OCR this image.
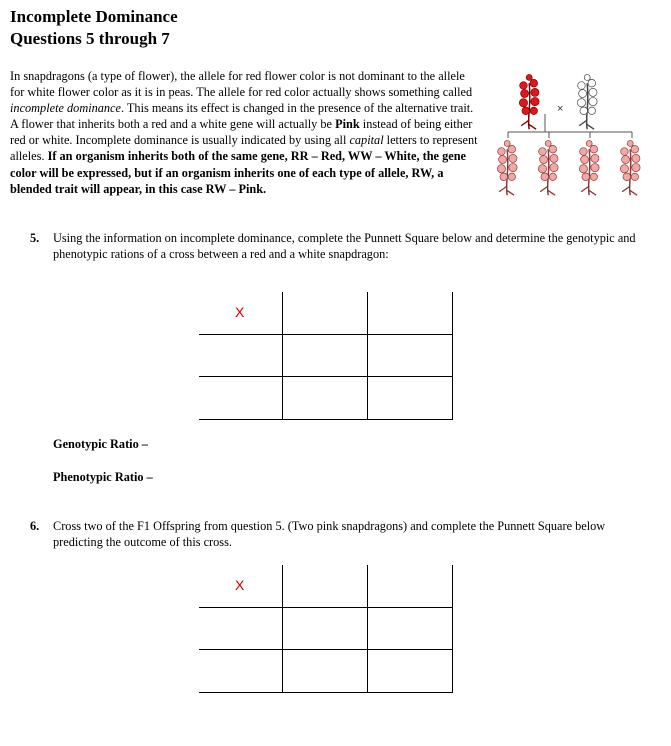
Incomplete Dominance
Questions 5 through 7
In snapdragons (a type of flower), the allele for red flower color is not dominant to the allele for white flower color as it is in peas. The allele for red color actually shows something called incomplete dominance. This means its effect is changed in the presence of the alternative trait. A flower that inherits both a red and a white gene will actually be Pink instead of being either red or white. Incomplete dominance is usually indicated by using all capital letters to represent alleles. If an organism inherits both of the same gene, RR – Red, WW – White, the gene color will be expressed, but if an organism inherits one of each type of allele, RW, a blended trait will appear, in this case RW – Pink.
×
5.	Using the information on incomplete dominance, complete the Punnett Square below and determine the genotypic and phenotypic rations of a cross between a red and a white snapdragon:
X
Genotypic Ratio –
Phenotypic Ratio –
6.	Cross two of the F1 Offspring from question 5. (Two pink snapdragons) and complete the Punnett Square below predicting the outcome of this cross.
X
